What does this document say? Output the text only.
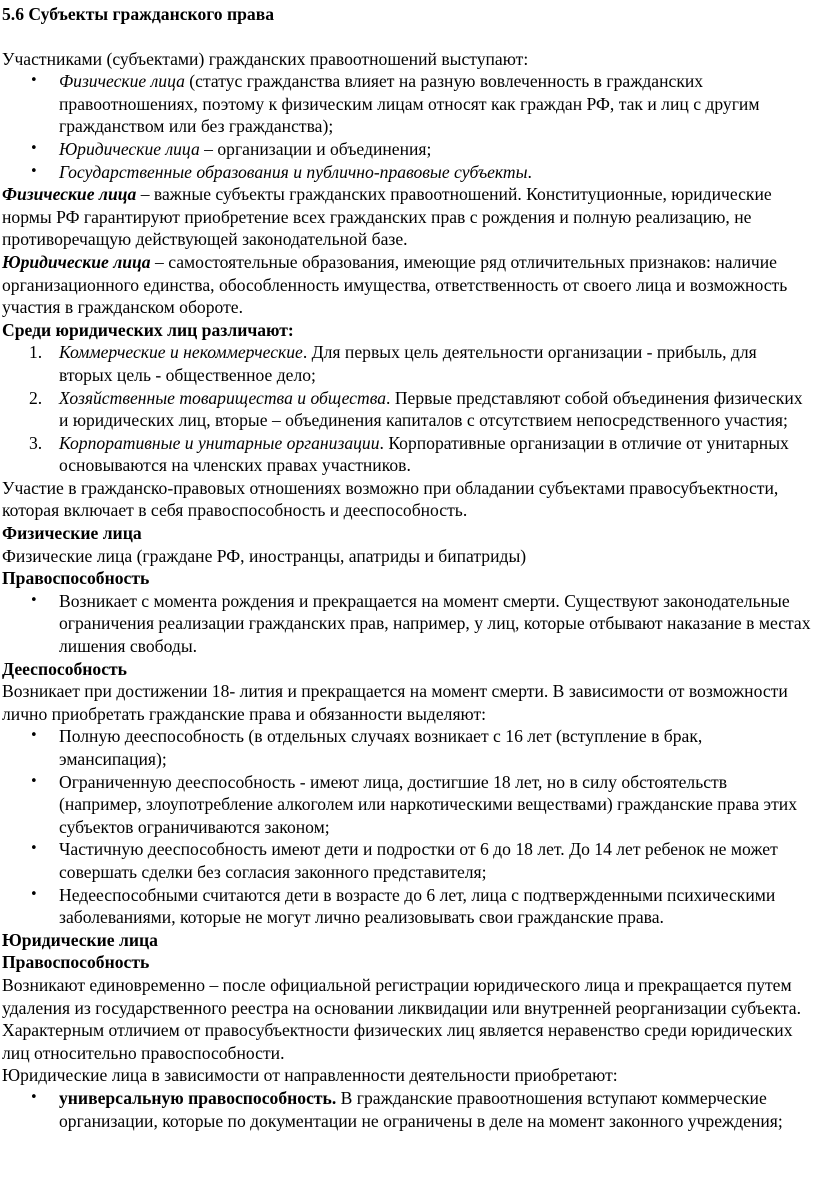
5.6 Субъекты гражданского права

Участниками (субъектами) гражданских правоотношений выступают:

• Физические лица (статус гражданства влияет на разную вовлеченность в гражданских правоотношениях, поэтому к физическим лицам относят как граждан РФ, так и лиц с другим гражданством или без гражданства);
• Юридические лица – организации и объединения;
• Государственные образования и публично-правовые субъекты.

Физические лица – важные субъекты гражданских правоотношений. Конституционные, юридические нормы РФ гарантируют приобретение всех гражданских прав с рождения и полную реализацию, не противоречащую действующей законодательной базе.

Юридические лица – самостоятельные образования, имеющие ряд отличительных признаков: наличие организационного единства, обособленность имущества, ответственность от своего лица и возможность участия в гражданском обороте.

Среди юридических лиц различают:

1. Коммерческие и некоммерческие. Для первых цель деятельности организации - прибыль, для вторых цель - общественное дело;
2. Хозяйственные товарищества и общества. Первые представляют собой объединения физических и юридических лиц, вторые – объединения капиталов с отсутствием непосредственного участия;
3. Корпоративные и унитарные организации. Корпоративные организации в отличие от унитарных основываются на членских правах участников.

Участие в гражданско-правовых отношениях возможно при обладании субъектами правосубъектности, которая включает в себя правоспособность и дееспособность.

Физические лица

Физические лица (граждане РФ, иностранцы, апатриды и бипатриды)

Правоспособность

• Возникает с момента рождения и прекращается на момент смерти. Существуют законодательные ограничения реализации гражданских прав, например, у лиц, которые отбывают наказание в местах лишения свободы.

Дееспособность

Возникает при достижении 18- лития и прекращается на момент смерти. В зависимости от возможности лично приобретать гражданские права и обязанности выделяют:

• Полную дееспособность (в отдельных случаях возникает с 16 лет (вступление в брак, эмансипация);
• Ограниченную дееспособность - имеют лица, достигшие 18 лет, но в силу обстоятельств (например, злоупотребление алкоголем или наркотическими веществами) гражданские права этих субъектов ограничиваются законом;
• Частичную дееспособность имеют дети и подростки от 6 до 18 лет. До 14 лет ребенок не может совершать сделки без согласия законного представителя;
• Недееспособными считаются дети в возрасте до 6 лет, лица с подтвержденными психическими заболеваниями, которые не могут лично реализовывать свои гражданские права.

Юридические лица

Правоспособность

Возникают единовременно – после официальной регистрации юридического лица и прекращается путем удаления из государственного реестра на основании ликвидации или внутренней реорганизации субъекта. Характерным отличием от правосубъектности физических лиц является неравенство среди юридических лиц относительно правоспособности.

Юридические лица в зависимости от направленности деятельности приобретают:

• универсальную правоспособность. В гражданские правоотношения вступают коммерческие организации, которые по документации не ограничены в деле на момент законного учреждения;
